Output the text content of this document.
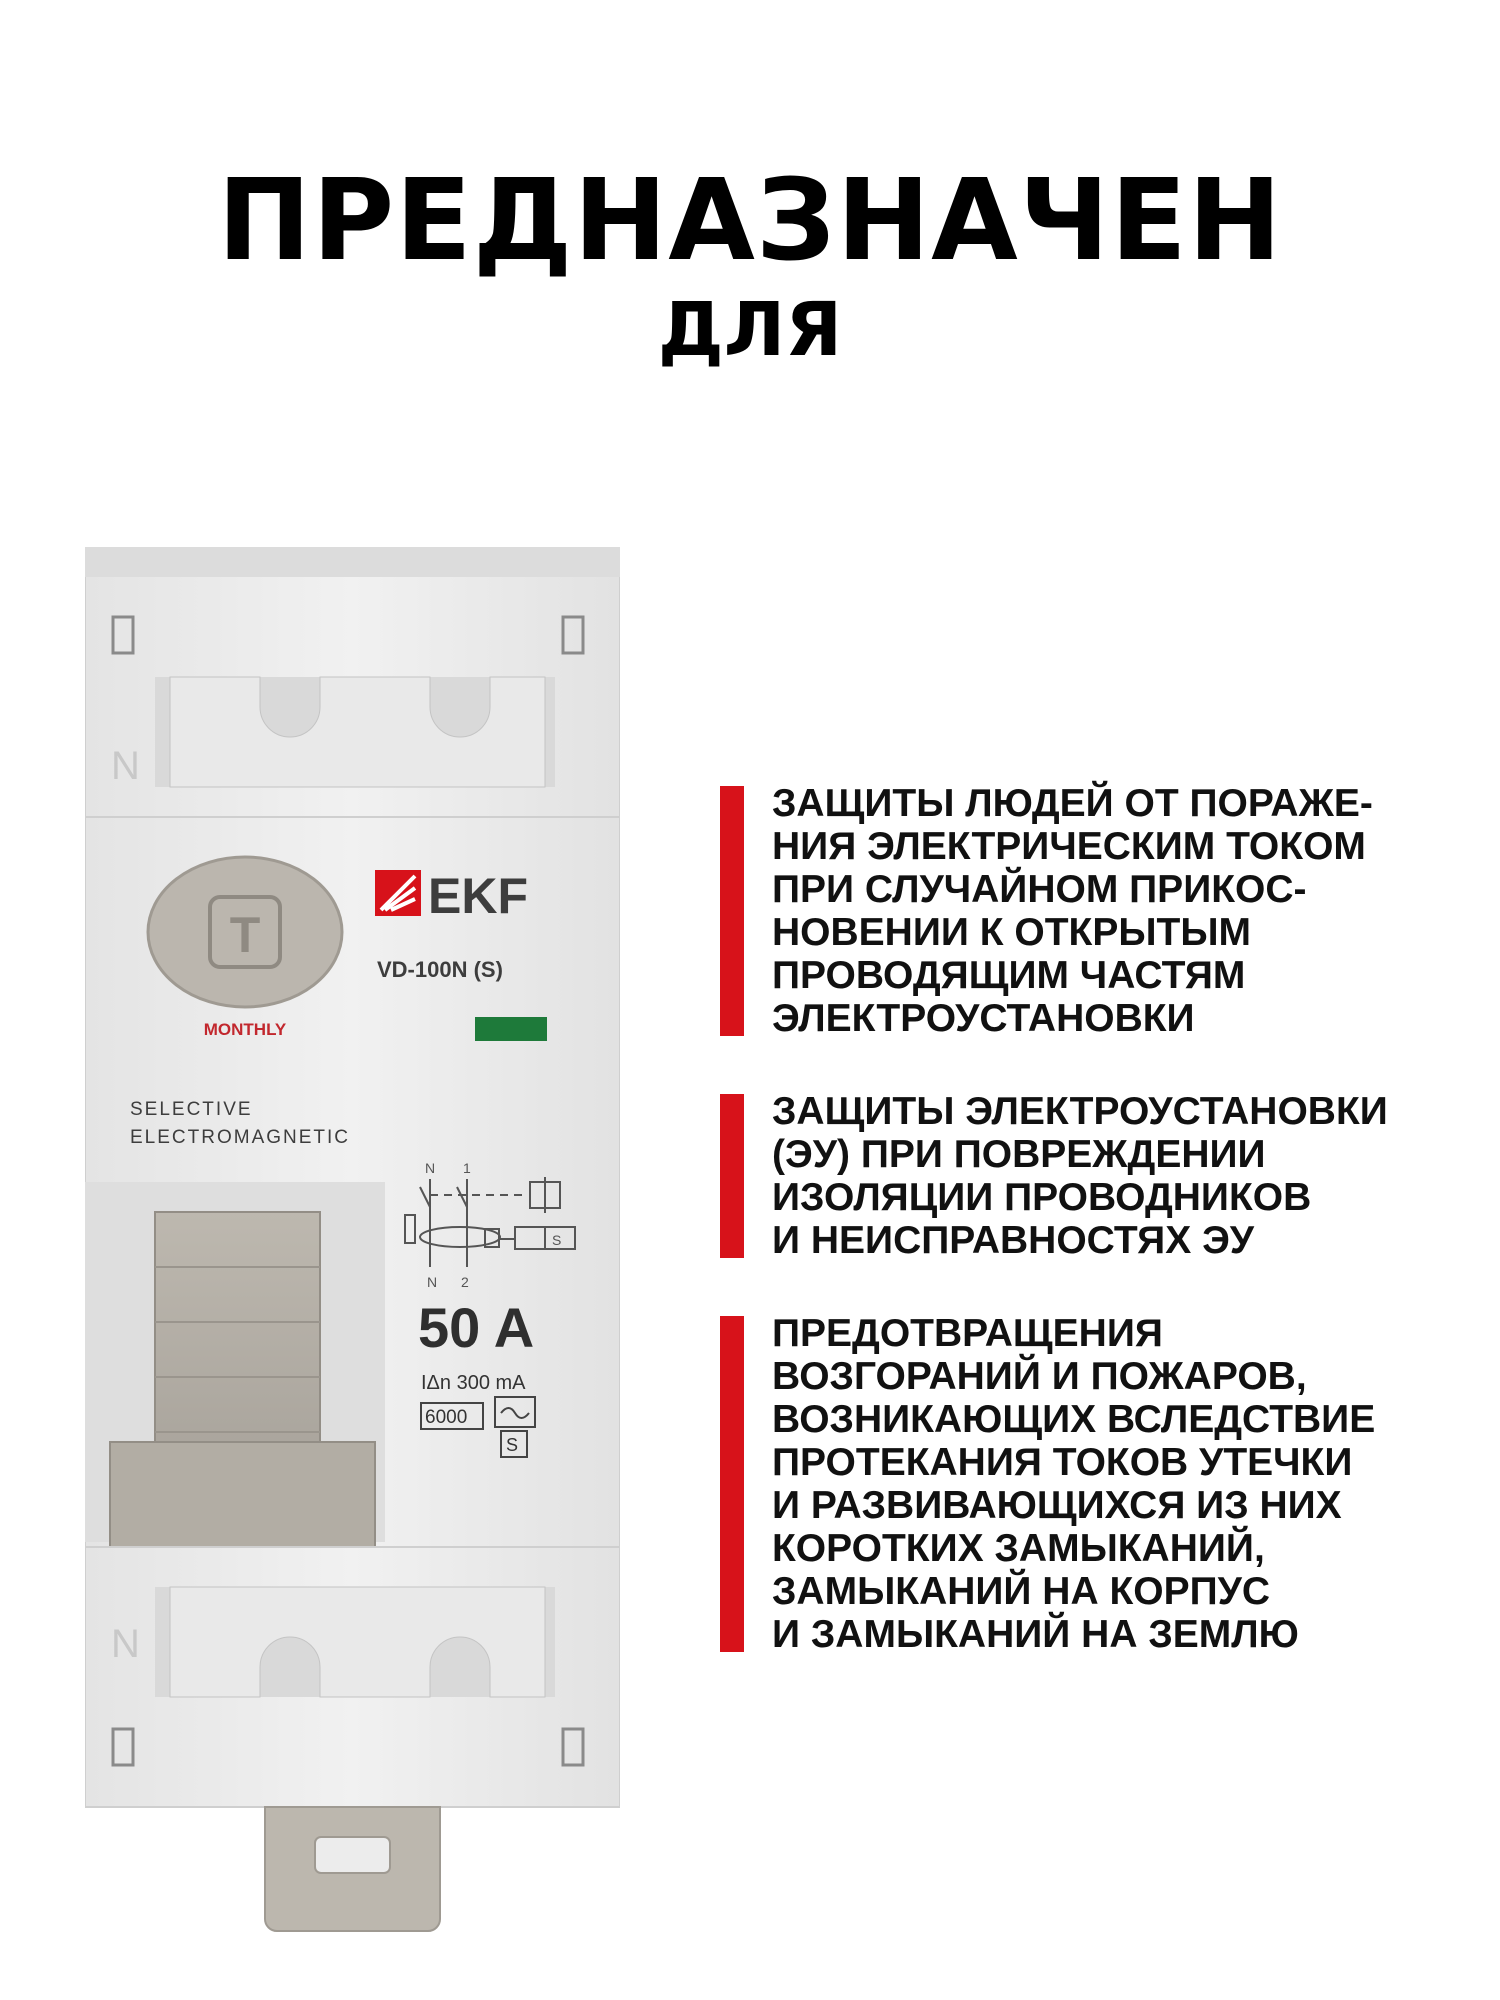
ПРЕДНАЗНАЧЕН
ДЛЯ
N
T
MONTHLY
EKF
VD-100N (S)
SELECTIVE
ELECTROMAGNETIC
N 1
S
N 2
50 A
IΔn 300 mA
6000
S
N
ЗАЩИТЫ ЛЮДЕЙ ОТ ПОРАЖЕ-
НИЯ ЭЛЕКТРИЧЕСКИМ ТОКОМ
ПРИ СЛУЧАЙНОМ ПРИКОС-
НОВЕНИИ К ОТКРЫТЫМ
ПРОВОДЯЩИМ ЧАСТЯМ
ЭЛЕКТРОУСТАНОВКИ
ЗАЩИТЫ ЭЛЕКТРОУСТАНОВКИ
(ЭУ) ПРИ ПОВРЕЖДЕНИИ
ИЗОЛЯЦИИ ПРОВОДНИКОВ
И НЕИСПРАВНОСТЯХ ЭУ
ПРЕДОТВРАЩЕНИЯ
ВОЗГОРАНИЙ И ПОЖАРОВ,
ВОЗНИКАЮЩИХ ВСЛЕДСТВИЕ
ПРОТЕКАНИЯ ТОКОВ УТЕЧКИ
И РАЗВИВАЮЩИХСЯ ИЗ НИХ
КОРОТКИХ ЗАМЫКАНИЙ,
ЗАМЫКАНИЙ НА КОРПУС
И ЗАМЫКАНИЙ НА ЗЕМЛЮ
